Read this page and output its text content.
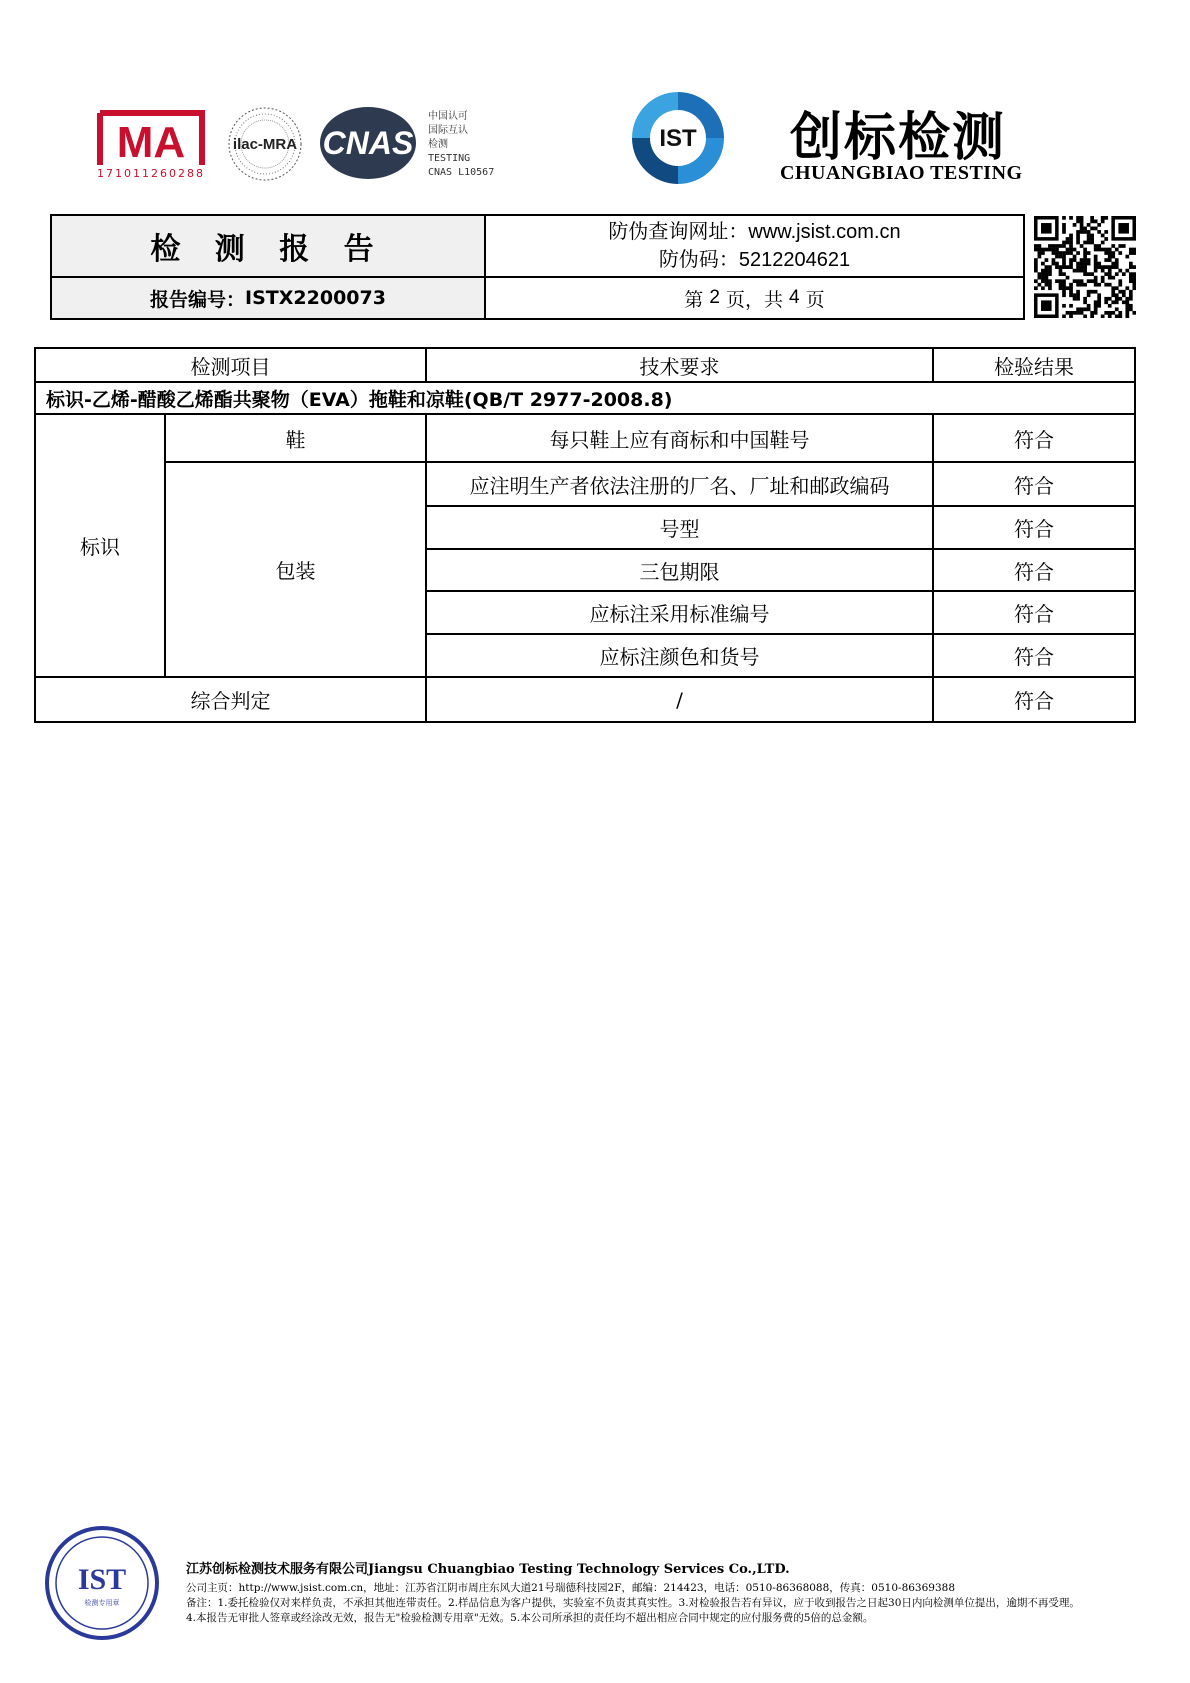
MA
171011260288
ilac-MRA CNAS
中国认可
国际互认
检测
TESTING
CNAS L10567
IST 创标检测
CHUANGBIAO TESTING
检 测 报 告
防伪查询网址：www.jsist.com.cn
防伪码：5212204621
报告编号： ISTX2200073	第
2
页，共
4
页
检测项目		技术要求	检验结果
标识-乙烯-醋酸乙烯酯共聚物（EVA）拖鞋和凉鞋(QB/T 2977-2008.8)			
标识	鞋	每只鞋上应有商标和中国鞋号	符合
	包装	应注明生产者依法注册的厂名、厂址和邮政编码	符合
		号型	符合
		三包期限	符合
		应标注采用标准编号	符合
		应标注颜色和货号	符合
综合判定		/	符合
IST
检测专用章
江苏创标检测技术服务有限公司Jiangsu Chuangbiao Testing Technology Services Co.,LTD.
公司主页：http://www.jsist.com.cn，地址：江苏省江阴市周庄东风大道21号瑞德科技园2F，邮编：214423，电话：0510-86368088，传真：0510-86369388
备注：1.委托检验仅对来样负责，不承担其他连带责任。2.样品信息为客户提供，实验室不负责其真实性。3.对检验报告若有异议，应于收到报告之日起30日内向检测单位提出，逾期不再受理。
4.本报告无审批人签章或经涂改无效，报告无"检验检测专用章"无效。5.本公司所承担的责任均不超出相应合同中规定的应付服务费的5倍的总金额。
